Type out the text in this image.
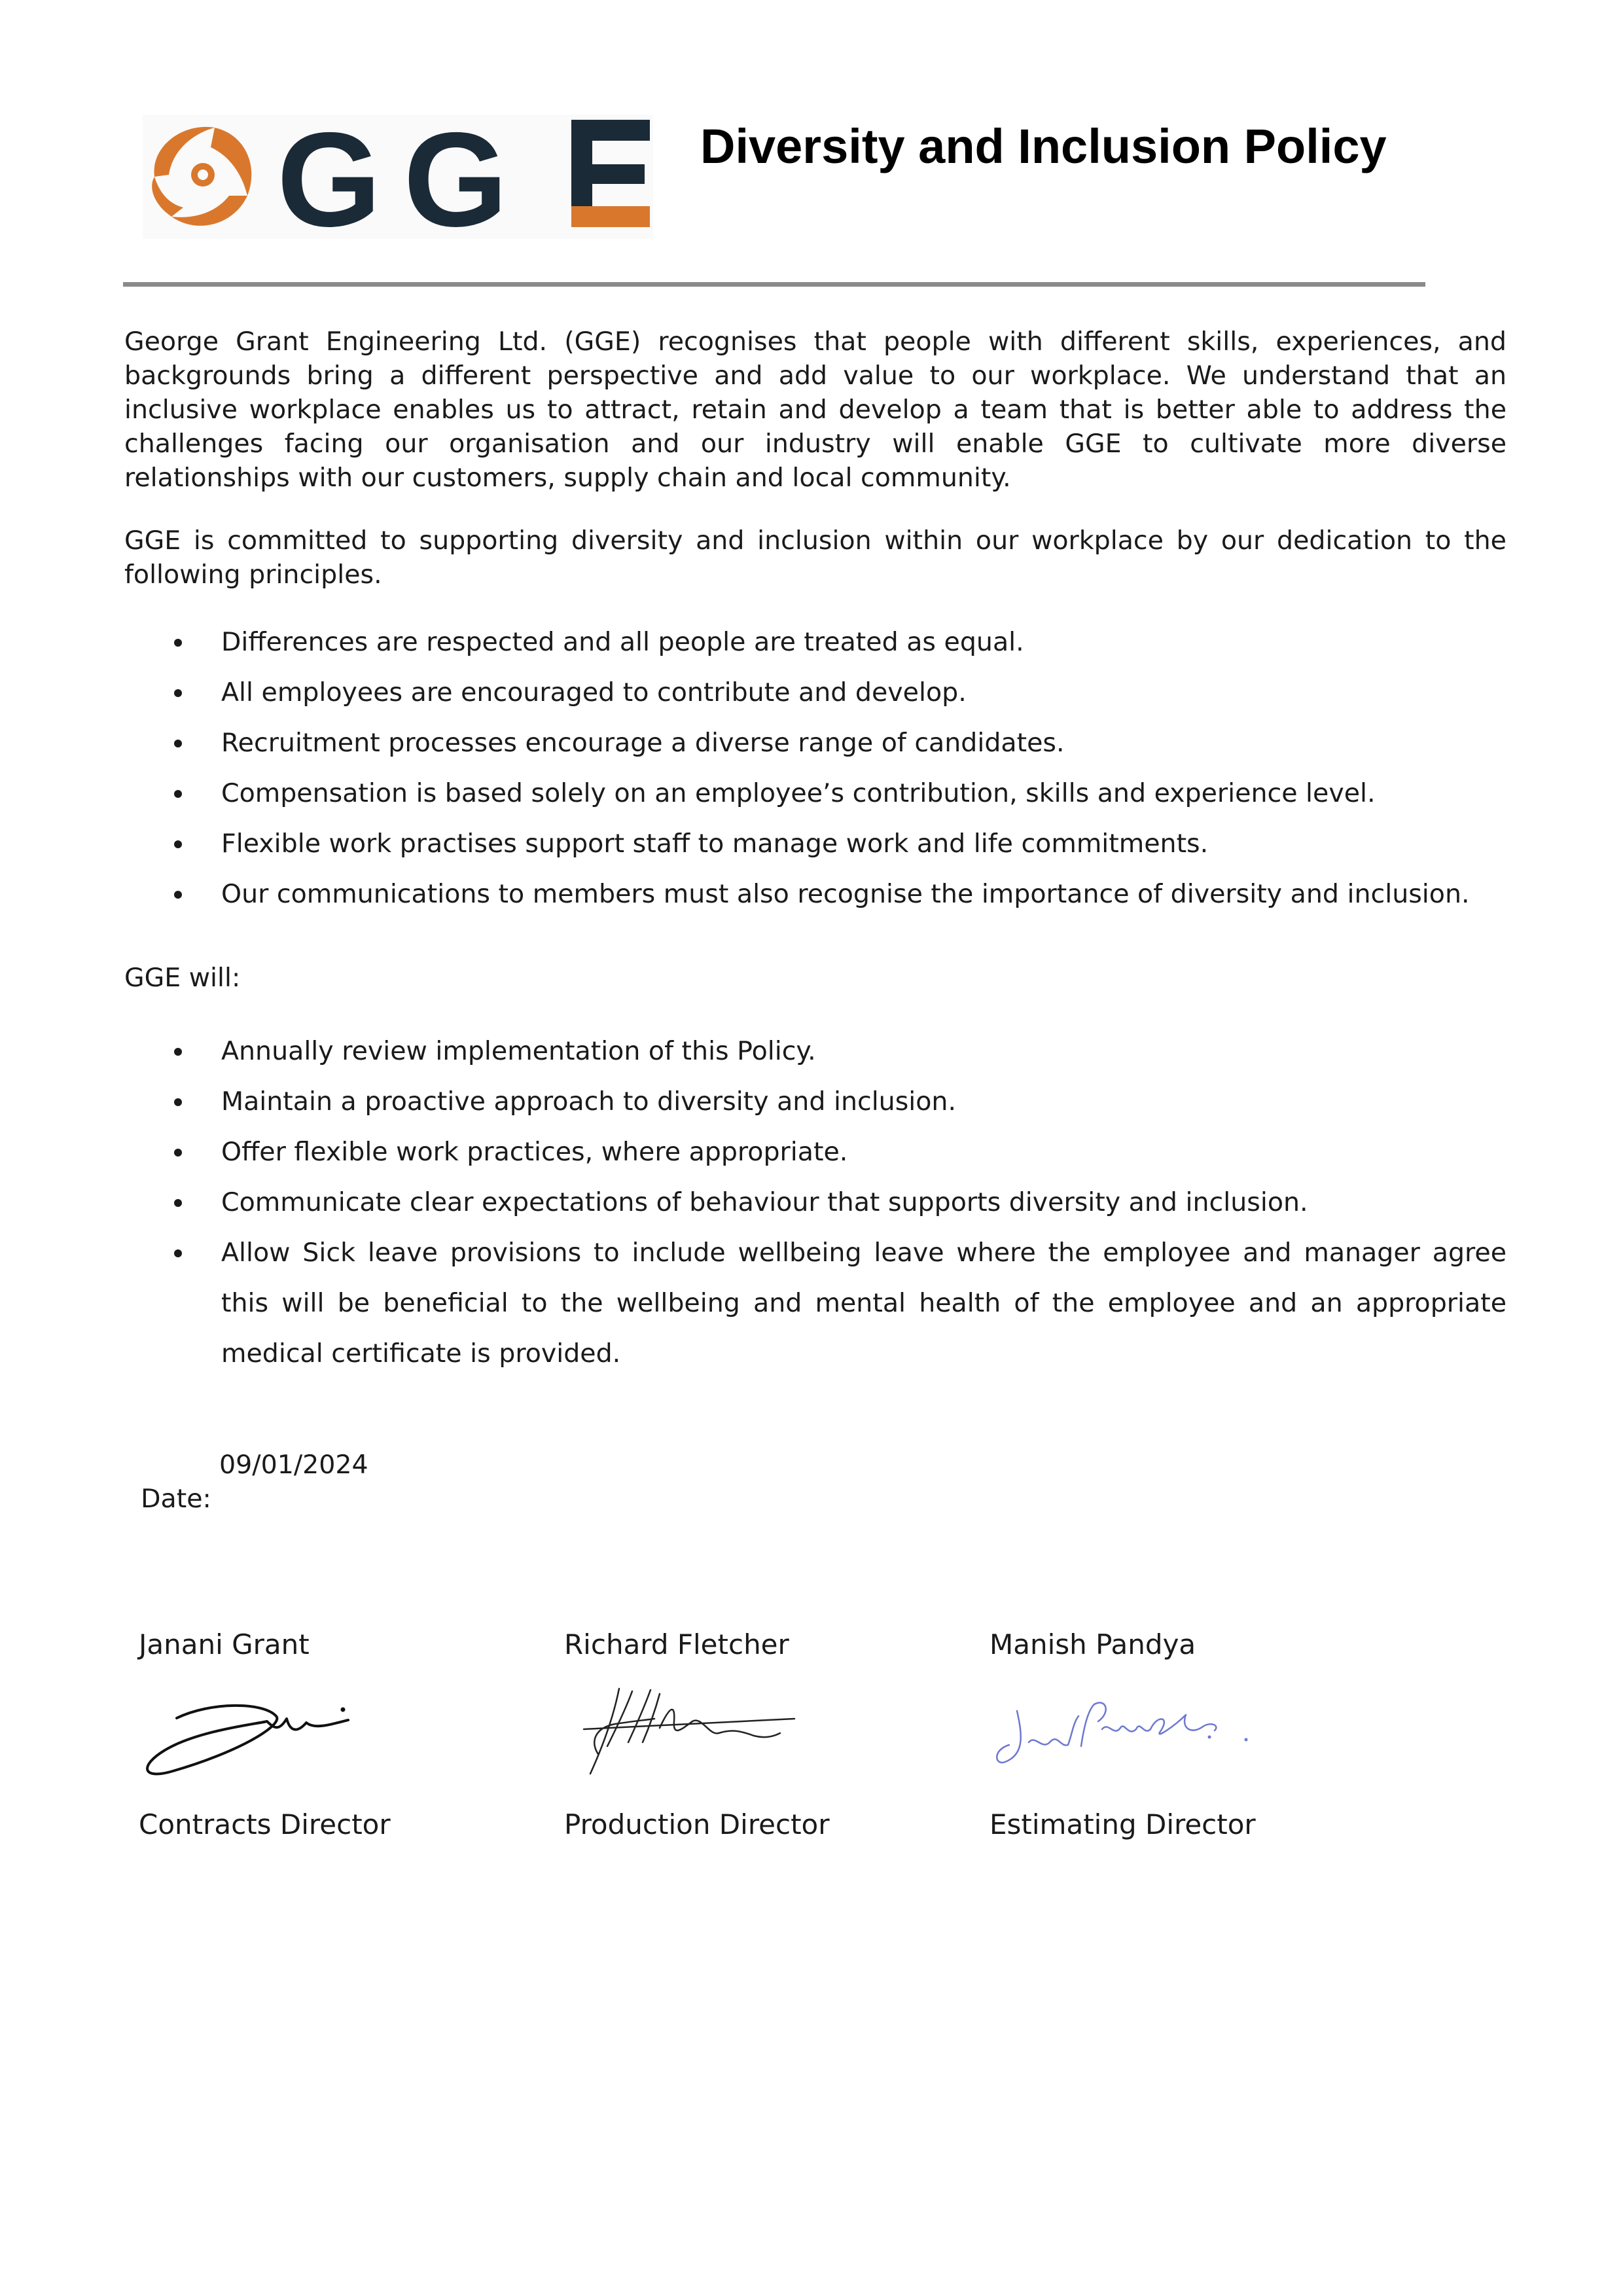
GG	Diversity and Inclusion Policy
George Grant Engineering Ltd. (GGE) recognises that people with different skills, experiences, and backgrounds bring a different perspective and add value to our workplace. We understand that an inclusive workplace enables us to attract, retain and develop a team that is better able to address the challenges facing our organisation and our industry will enable GGE to cultivate more diverse relationships with our customers, supply chain and local community.
GGE is committed to supporting diversity and inclusion within our workplace by our dedication to the following principles.
Differences are respected and all people are treated as equal.
All employees are encouraged to contribute and develop.
Recruitment processes encourage a diverse range of candidates.
Compensation is based solely on an employee’s contribution, skills and experience level.
Flexible work practises support staff to manage work and life commitments.
Our communications to members must also recognise the importance of diversity and inclusion.
GGE will:
Annually review implementation of this Policy.
Maintain a proactive approach to diversity and inclusion.
Offer flexible work practices, where appropriate.
Communicate clear expectations of behaviour that supports diversity and inclusion.
Allow Sick leave provisions to include wellbeing leave where the employee and manager agree this will be beneficial to the wellbeing and mental health of the employee and an appropriate medical certificate is provided.

Date:

09/01/2024

Janani Grant
Contracts Director
Richard Fletcher
Production Director
Manish Pandya
Estimating Director
